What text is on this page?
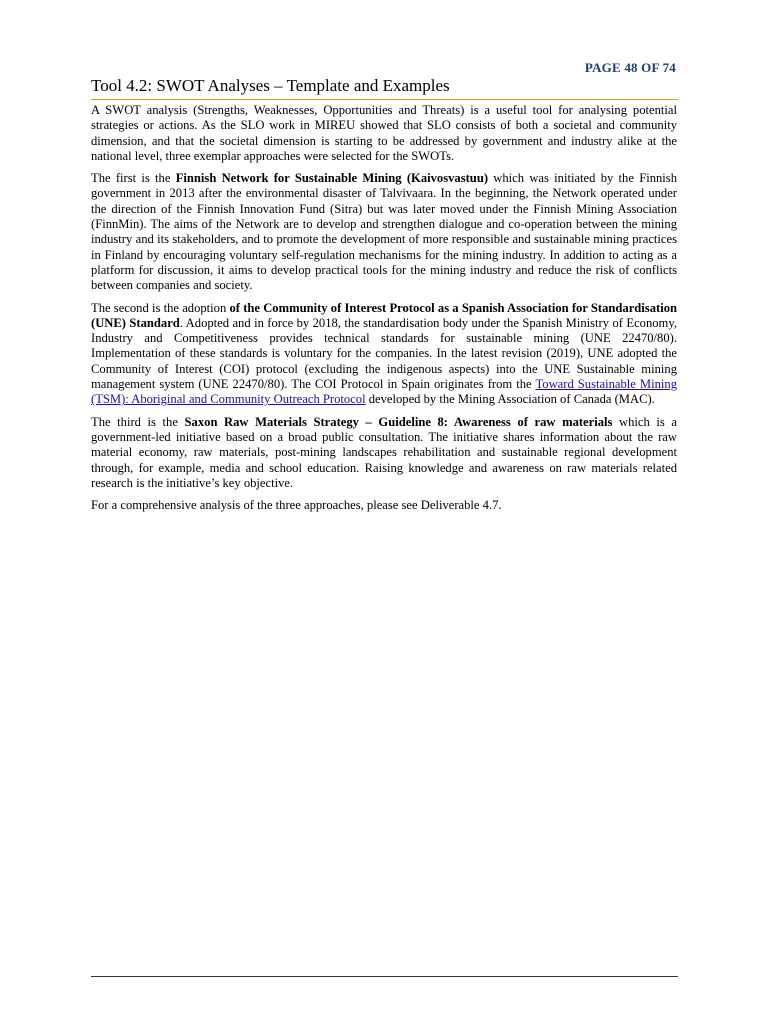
PAGE 48 OF 74
Tool 4.2: SWOT Analyses – Template and Examples

A SWOT analysis (Strengths, Weaknesses, Opportunities and Threats) is a useful tool for analysing potential strategies or actions. As the SLO work in MIREU showed that SLO consists of both a societal and community dimension, and that the societal dimension is starting to be addressed by government and industry alike at the national level, three exemplar approaches were selected for the SWOTs.

The first is the Finnish Network for Sustainable Mining (Kaivosvastuu) which was initiated by the Finnish government in 2013 after the environmental disaster of Talvivaara. In the beginning, the Network operated under the direction of the Finnish Innovation Fund (Sitra) but was later moved under the Finnish Mining Association (FinnMin). The aims of the Network are to develop and strengthen dialogue and co-operation between the mining industry and its stakeholders, and to promote the development of more responsible and sustainable mining practices in Finland by encouraging voluntary self-regulation mechanisms for the mining industry. In addition to acting as a platform for discussion, it aims to develop practical tools for the mining industry and reduce the risk of conflicts between companies and society.

The second is the adoption of the Community of Interest Protocol as a Spanish Association for Standardisation (UNE) Standard. Adopted and in force by 2018, the standardisation body under the Spanish Ministry of Economy, Industry and Competitiveness provides technical standards for sustainable mining (UNE 22470/80). Implementation of these standards is voluntary for the companies. In the latest revision (2019), UNE adopted the Community of Interest (COI) protocol (excluding the indigenous aspects) into the UNE Sustainable mining management system (UNE 22470/80). The COI Protocol in Spain originates from the Toward Sustainable Mining (TSM): Aboriginal and Community Outreach Protocol developed by the Mining Association of Canada (MAC).

The third is the Saxon Raw Materials Strategy – Guideline 8: Awareness of raw materials which is a government-led initiative based on a broad public consultation. The initiative shares information about the raw material economy, raw materials, post-mining landscapes rehabilitation and sustainable regional development through, for example, media and school education. Raising knowledge and awareness on raw materials related research is the initiative’s key objective.

For a comprehensive analysis of the three approaches, please see Deliverable 4.7.
